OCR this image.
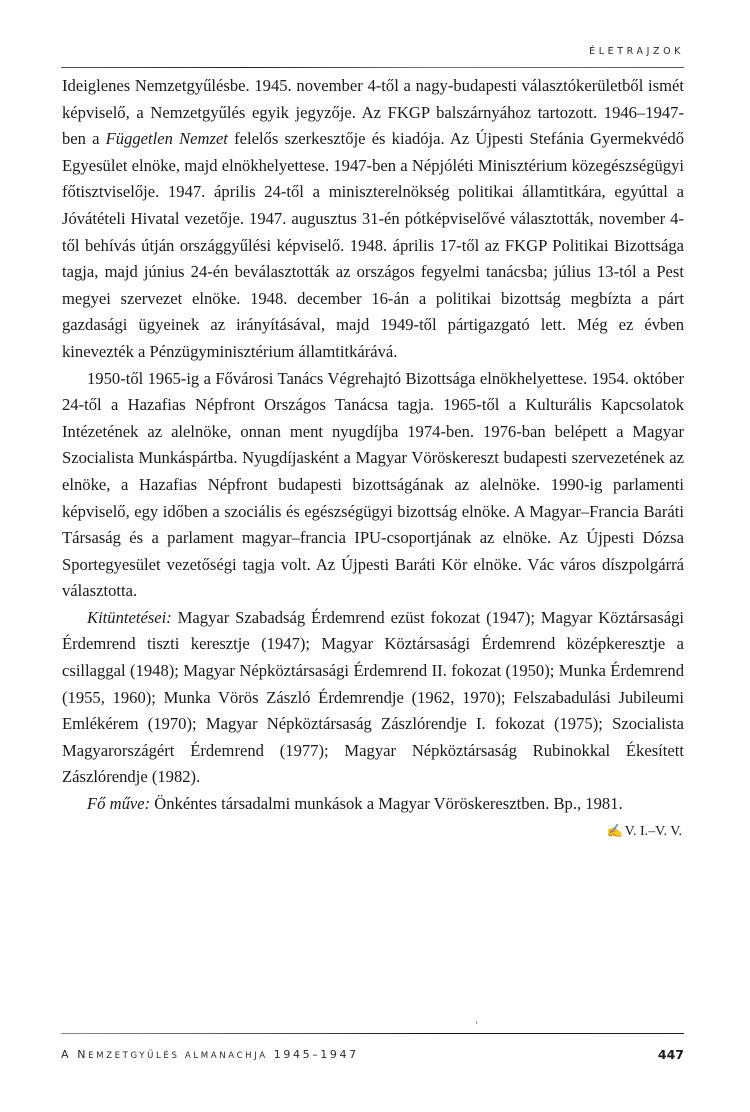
ÉLETRAJZOK

Ideiglenes Nemzetgyűlésbe. 1945. november 4-től a nagy-budapesti választókerületből ismét képviselő, a Nemzetgyűlés egyik jegyzője. Az FKGP balszárnyához tartozott. 1946–1947-ben a Független Nemzet felelős szerkesztője és kiadója. Az Újpesti Stefánia Gyermekvédő Egyesület elnöke, majd elnökhelyettese. 1947-ben a Népjóléti Minisztérium közegészségügyi főtisztviselője. 1947. április 24-től a miniszterelnökség politikai államtitkára, egyúttal a Jóvátételi Hivatal vezetője. 1947. augusztus 31-én pótképviselővé választották, november 4-től behívás útján országgyűlési képviselő. 1948. április 17-től az FKGP Politikai Bizottsága tagja, majd június 24-én beválasztották az országos fegyelmi tanácsba; július 13-tól a Pest megyei szervezet elnöke. 1948. december 16-án a politikai bizottság megbízta a párt gazdasági ügyeinek az irányításával, majd 1949-től pártigazgató lett. Még ez évben kinevezték a Pénzügyminisztérium államtitkárává.

1950-től 1965-ig a Fővárosi Tanács Végrehajtó Bizottsága elnökhelyettese. 1954. október 24-től a Hazafias Népfront Országos Tanácsa tagja. 1965-től a Kulturális Kapcsolatok Intézetének az alelnöke, onnan ment nyugdíjba 1974-ben. 1976-ban belépett a Magyar Szocialista Munkáspártba. Nyugdíjasként a Magyar Vöröskereszt budapesti szervezetének az elnöke, a Hazafias Népfront budapesti bizottságának az alelnöke. 1990-ig parlamenti képviselő, egy időben a szociális és egészségügyi bizottság elnöke. A Magyar–Francia Baráti Társaság és a parlament magyar–francia IPU-csoportjának az elnöke. Az Újpesti Dózsa Sportegyesület vezetőségi tagja volt. Az Újpesti Baráti Kör elnöke. Vác város díszpolgárrá választotta.

Kitüntetései: Magyar Szabadság Érdemrend ezüst fokozat (1947); Magyar Köztársasági Érdemrend tiszti keresztje (1947); Magyar Köztársasági Érdemrend középkeresztje a csillaggal (1948); Magyar Népköztársasági Érdemrend II. fokozat (1950); Munka Érdemrend (1955, 1960); Munka Vörös Zászló Érdemrendje (1962, 1970); Felszabadulási Jubileumi Emlékérem (1970); Magyar Népköztársaság Zászlórendje I. fokozat (1975); Szocialista Magyarországért Érdemrend (1977); Magyar Népköztársaság Rubinokkal Ékesített Zászlórendje (1982).

Fő műve: Önkéntes társadalmi munkások a Magyar Vöröskeresztben. Bp., 1981.

✍ V. I.–V. V.

A NEMZETGYŰLÉS ALMANACHJA 1945–1947	447
